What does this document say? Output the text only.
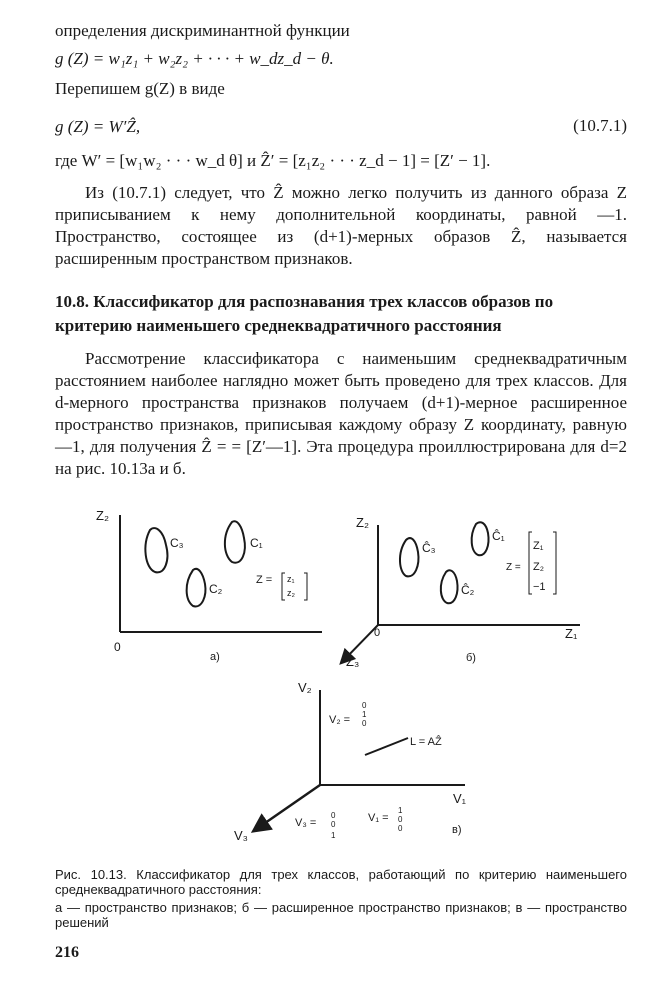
определения дискриминантной функции
g (Z) = w₁z₁ + w₂z₂ + · · · + w_dz_d − θ.
Перепишем g(Z) в виде
g (Z) = W′Ẑ,	(10.7.1)
где W′ = [w₁w₂ · · · w_d θ] и Ẑ′ = [z₁z₂ · · · z_d − 1] = [Z′ − 1].
Из (10.7.1) следует, что Ẑ можно легко получить из данного образа Z приписыванием к нему дополнительной координаты, равной —1. Пространство, состоящее из (d+1)-мерных образов Ẑ, называется расширенным пространством признаков.
10.8. Классификатор для распознавания трех классов образов по критерию наименьшего среднеквадратичного расстояния
Рассмотрение классификатора с наименьшим среднеквадратичным расстоянием наиболее наглядно может быть проведено для трех классов. Для d-мерного пространства признаков получаем (d+1)-мерное расширенное пространство признаков, приписывая каждому образу Z координату, равную —1, для получения Ẑ = = [Z′—1]. Эта процедура проиллюстрирована для d=2 на рис. 10.13a и б.
Z₂
0
C₃	C₁
C₂
Z = z₁
z₂
а)
Z₂
Z₁
Z₃
0
Ĉ₃
Ĉ₁
Ĉ₂
Z =
Z₁
Z₂
−1
б)
V₂
V₁
V₃
L = AẐ
V₂ =
0
1
0
V₁ =
1
0
0
V₃ =
0
0
1	в)
Рис. 10.13. Классификатор для трех классов, работающий по критерию наименьшего среднеквадратичного расстояния:
а — пространство признаков; б — расширенное пространство признаков; в — пространство решений
216
